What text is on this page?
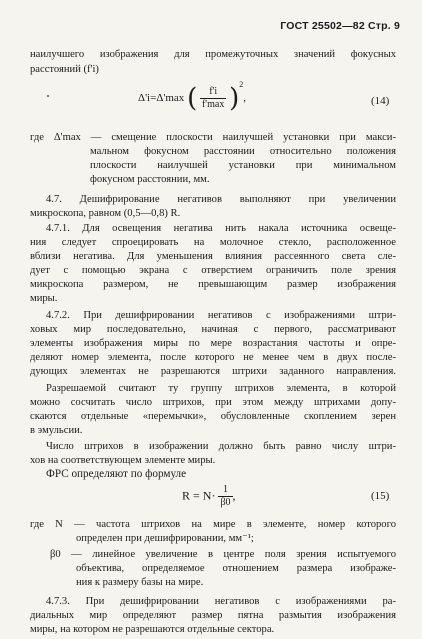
ГОСТ 25502—82 Стр. 9
наилучшего изображения для промежуточных значений фокусных
расстояний (f'i)
Δ'i=Δ'max ( $\frac{f'i}{f'\max} )^2$,	(14)
где Δ'max — смещение плоскости наилучшей установки при макси-
мальном фокусном расстоянии относительно положения
плоскости наилучшей установки при минимальном
фокусном расстоянии, мм.
4.7. Дешифрирование негативов выполняют при увеличении
микроскопа, равном (0,5—0,8) R.
4.7.1. Для освещения негатива нить накала источника освеще-
ния следует спроецировать на молочное стекло, расположенное
вблизи негатива. Для уменьшения влияния рассеянного света сле-
дует с помощью экрана с отверстием ограничить поле зрения
микроскопа размером, не превышающим размер изображения
миры.
4.7.2. При дешифрировании негативов с изображениями штри-
ховых мир последовательно, начиная с первого, рассматривают
элементы изображения миры по мере возрастания частоты и опре-
деляют номер элемента, после которого не менее чем в двух после-
дующих элементах не разрешаются штрихи заданного направления.
Разрешаемой считают ту группу штрихов элемента, в которой
можно сосчитать число штрихов, при этом между штрихами допу-
скаются отдельные «перемычки», обусловленные скоплением зерен
в эмульсии.
Число штрихов в изображении должно быть равно числу штри-
хов на соответствующем элементе миры.
ФРС определяют по формуле
$R = N\cdot \frac{1}{\beta 0}$ ,	(15)
где N — частота штрихов на мире в элементе, номер которого
определен при дешифрировании, мм⁻¹;
β0 — линейное увеличение в центре поля зрения испытуемого
объектива, определяемое отношением размера изображе-
ния к размеру базы на мире.
4.7.3. При дешифрировании негативов с изображениями ра-
диальных мир определяют размер пятна размытия изображения
миры, на котором не разрешаются отдельные сектора.
